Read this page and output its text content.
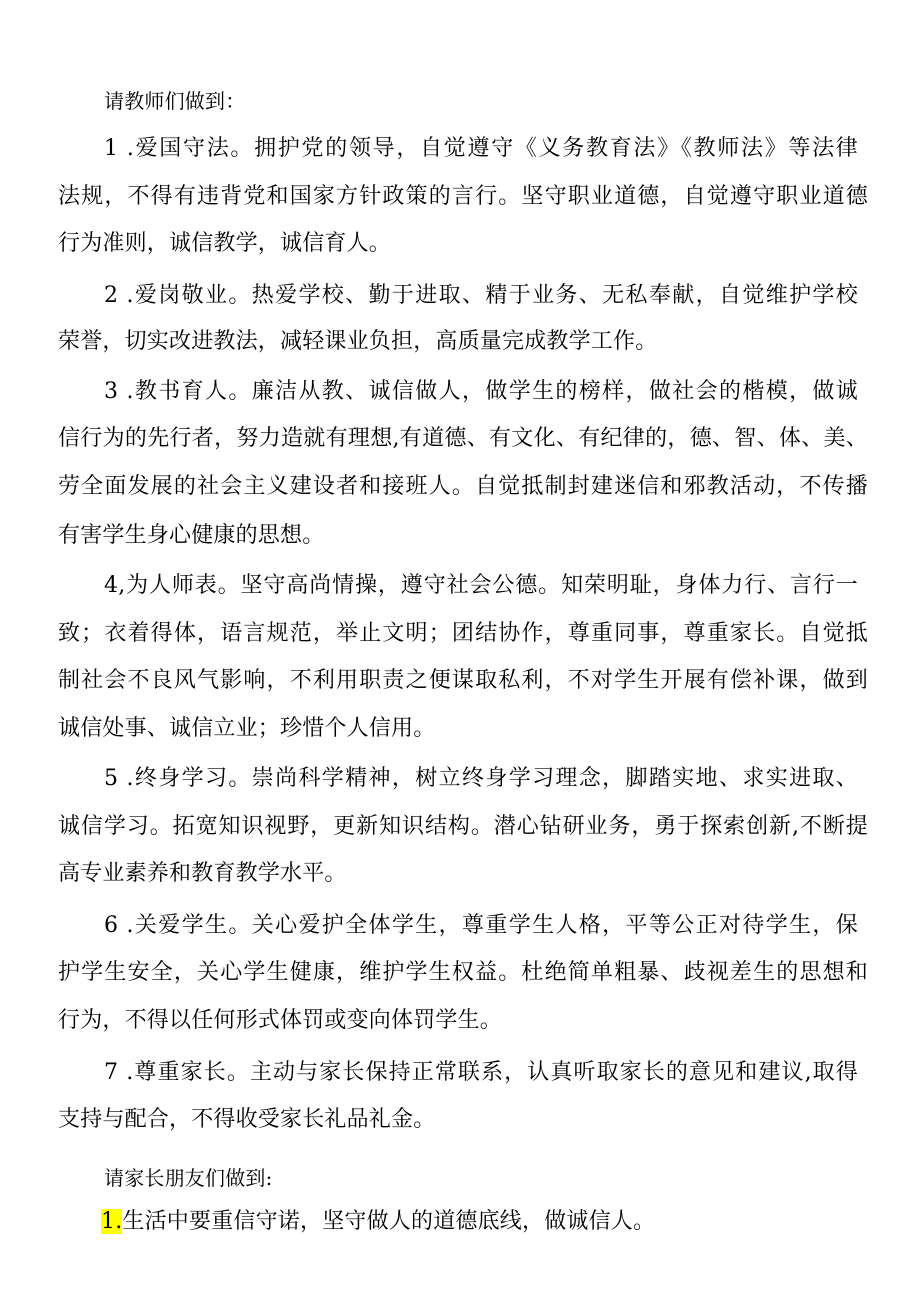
请教师们做到：
1 .爱国守法。拥护党的领导，自觉遵守《义务教育法》《教师法》等法律
法规，不得有违背党和国家方针政策的言行。坚守职业道德，自觉遵守职业道德
行为准则，诚信教学，诚信育人。
2 .爱岗敬业。热爱学校、勤于进取、精于业务、无私奉献，自觉维护学校
荣誉，切实改进教法，减轻课业负担，高质量完成教学工作。
3 .教书育人。廉洁从教、诚信做人，做学生的榜样，做社会的楷模，做诚
信行为的先行者，努力造就有理想,有道德、有文化、有纪律的，德、智、体、美、
劳全面发展的社会主义建设者和接班人。自觉抵制封建迷信和邪教活动，不传播
有害学生身心健康的思想。
4,为人师表。坚守高尚情操，遵守社会公德。知荣明耻，身体力行、言行一
致；衣着得体，语言规范，举止文明；团结协作，尊重同事，尊重家长。自觉抵
制社会不良风气影响，不利用职责之便谋取私利，不对学生开展有偿补课，做到
诚信处事、诚信立业；珍惜个人信用。
5 .终身学习。崇尚科学精神，树立终身学习理念，脚踏实地、求实进取、
诚信学习。拓宽知识视野，更新知识结构。潜心钻研业务，勇于探索创新,不断提
高专业素养和教育教学水平。
6 .关爱学生。关心爱护全体学生，尊重学生人格，平等公正对待学生，保
护学生安全，关心学生健康，维护学生权益。杜绝简单粗暴、歧视差生的思想和
行为，不得以任何形式体罚或变向体罚学生。
7 .尊重家长。主动与家长保持正常联系，认真听取家长的意见和建议,取得
支持与配合，不得收受家长礼品礼金。
请家长朋友们做到:
1.生活中要重信守诺，坚守做人的道德底线，做诚信人。
